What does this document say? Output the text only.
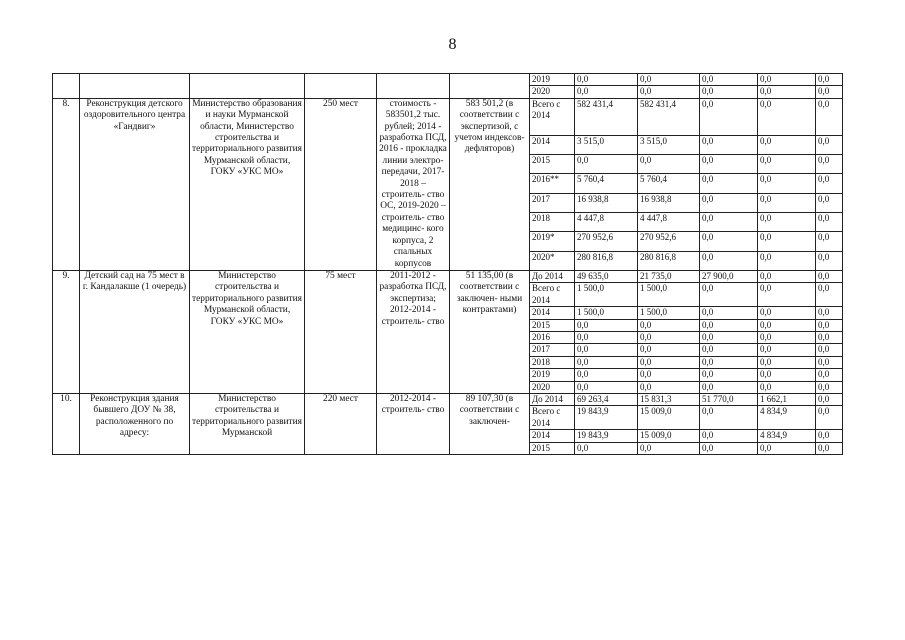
8
						2019	0,0	0,0	0,0	0,0	0,0
						2020	0,0	0,0	0,0	0,0	0,0
8.	Реконструкция детского оздоровительного центра «Гандвиг»	Министерство образования и науки Мурманской области, Министерство строительства и территориального развития Мурманской области, ГОКУ «УКС МО»	250 мест	стоимость - 583501,2 тыс. рублей; 2014 - разработка ПСД, 2016 - прокладка линии электро- передачи, 2017-2018 – строитель- ство ОС, 2019-2020 – строитель- ство медицинс- кого корпуса, 2 спальных корпусов	583 501,2 (в соответствии с экспертизой, с учетом индексов- дефляторов)	Всего с 2014	582 431,4	582 431,4	0,0	0,0	0,0
						2014	3 515,0	3 515,0	0,0	0,0	0,0
						2015	0,0	0,0	0,0	0,0	0,0
						2016**	5 760,4	5 760,4	0,0	0,0	0,0
						2017	16 938,8	16 938,8	0,0	0,0	0,0
						2018	4 447,8	4 447,8	0,0	0,0	0,0
						2019*	270 952,6	270 952,6	0,0	0,0	0,0
						2020*	280 816,8	280 816,8	0,0	0,0	0,0
9.	Детский сад на 75 мест в г. Кандалакше (1 очередь)	Министерство строительства и территориального развития Мурманской области, ГОКУ «УКС МО»	75 мест	2011-2012 - разработка ПСД, экспертиза; 2012-2014 - строитель- ство	51 135,00 (в соответствии с заключен- ными контрактами)	До 2014	49 635,0	21 735,0	27 900,0	0,0	0,0
						Всего с 2014	1 500,0	1 500,0	0,0	0,0	0,0
						2014	1 500,0	1 500,0	0,0	0,0	0,0
						2015	0,0	0,0	0,0	0,0	0,0
						2016	0,0	0,0	0,0	0,0	0,0
						2017	0,0	0,0	0,0	0,0	0,0
						2018	0,0	0,0	0,0	0,0	0,0
						2019	0,0	0,0	0,0	0,0	0,0
						2020	0,0	0,0	0,0	0,0	0,0
10.	Реконструкция здания бывшего ДОУ № 38, расположенного по адресу:	Министерство строительства и территориального развития Мурманской	220 мест	2012-2014 - строитель- ство	89 107,30 (в соответствии с заключен-	До 2014	69 263,4	15 831,3	51 770,0	1 662,1	0,0
						Всего с 2014	19 843,9	15 009,0	0,0	4 834,9	0,0
						2014	19 843,9	15 009,0	0,0	4 834,9	0,0
						2015	0,0	0,0	0,0	0,0	0,0
